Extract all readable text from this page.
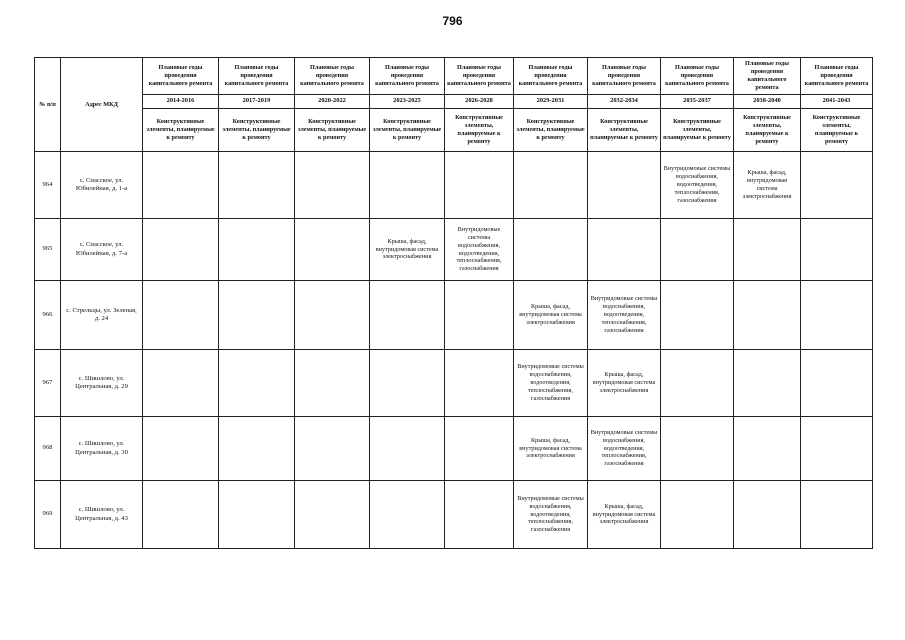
796
№ п/п	Адрес МКД	Плановые годы проведения капитального ремонта	Плановые годы проведения капитального ремонта	Плановые годы проведения капитального ремонта	Плановые годы проведения капитального ремонта	Плановые годы проведения капитального ремонта	Плановые годы проведения капитального ремонта	Плановые годы проведения капитального ремонта	Плановые годы проведения капитального ремонта	Плановые годы проведения капитального ремонта	Плановые годы проведения капитального ремонта
		2014-2016	2017-2019	2020-2022	2023-2025	2026-2028	2029-2031	2032-2034	2035-2037	2038-2040	2041-2043
		Конструктивные элементы, планируемые к ремонту	Конструктивные элементы, планируемые к ремонту	Конструктивные элементы, планируемые к ремонту	Конструктивные элементы, планируемые к ремонту	Конструктивные элементы, планируемые к ремонту	Конструктивные элементы, планируемые к ремонту	Конструктивные элементы, планируемые к ремонту	Конструктивные элементы, планируемые к ремонту	Конструктивные элементы, планируемые к ремонту	Конструктивные элементы, планируемые к ремонту
964	с. Спасское, ул. Юбилейная, д. 1-а								Внутридомовые системы водоснабжения, водоотведения, теплоснабжения, газоснабжения	Крыша, фасад, внутридомовая система электроснабжения	
965	с. Спасское, ул. Юбилейная, д. 7-а				Крыша, фасад, внутридомовая система электроснабжения	Внутридомовые системы водоснабжения, водоотведения, теплоснабжения, газоснабжения					
966	с. Стрельцы, ул. Зеленая, д. 24						Крыша, фасад, внутридомовая система электроснабжения	Внутридомовые системы водоснабжения, водоотведения, теплоснабжения, газоснабжения			
967	с. Шишлово, ул. Центральная, д. 29						Внутридомовые системы водоснабжения, водоотведения, теплоснабжения, газоснабжения	Крыша, фасад, внутридомовая система электроснабжения			
968	с. Шишлово, ул. Центральная, д. 30						Крыша, фасад, внутридомовая система электроснабжения	Внутридомовые системы водоснабжения, водоотведения, теплоснабжения, газоснабжения			
969	с. Шишлово, ул. Центральная, д. 43						Внутридомовые системы водоснабжения, водоотведения, теплоснабжения, газоснабжения	Крыша, фасад, внутридомовая система электроснабжения			
